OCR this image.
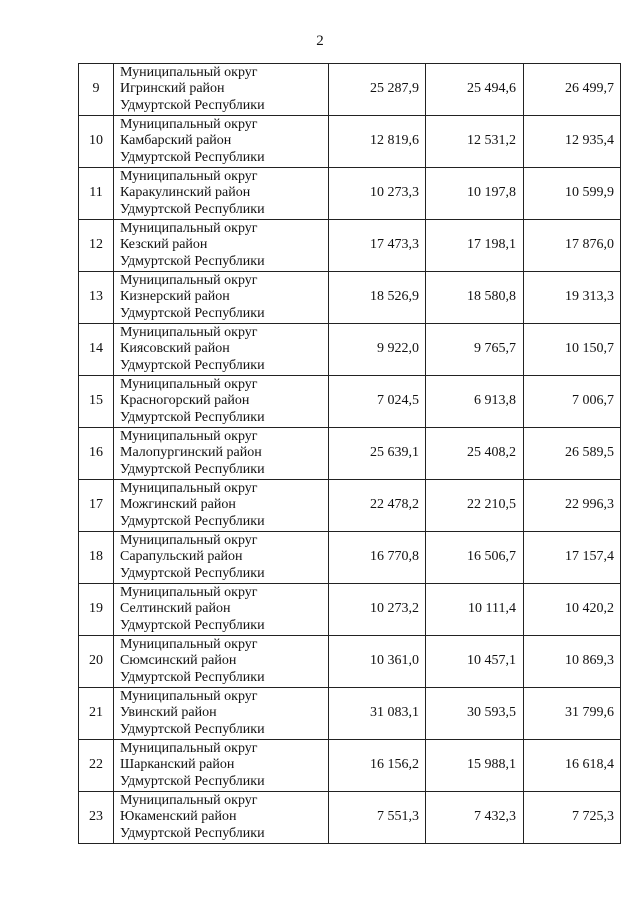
2
9	Муниципальный округ
Игринский район
Удмуртской Республики	25 287,9	25 494,6	26 499,7
10	Муниципальный округ
Камбарский район
Удмуртской Республики	12 819,6	12 531,2	12 935,4
11	Муниципальный округ
Каракулинский район
Удмуртской Республики	10 273,3	10 197,8	10 599,9
12	Муниципальный округ
Кезский район
Удмуртской Республики	17 473,3	17 198,1	17 876,0
13	Муниципальный округ
Кизнерский район
Удмуртской Республики	18 526,9	18 580,8	19 313,3
14	Муниципальный округ
Киясовский район
Удмуртской Республики	9 922,0	9 765,7	10 150,7
15	Муниципальный округ
Красногорский район
Удмуртской Республики	7 024,5	6 913,8	7 006,7
16	Муниципальный округ
Малопургинский район
Удмуртской Республики	25 639,1	25 408,2	26 589,5
17	Муниципальный округ
Можгинский район
Удмуртской Республики	22 478,2	22 210,5	22 996,3
18	Муниципальный округ
Сарапульский район
Удмуртской Республики	16 770,8	16 506,7	17 157,4
19	Муниципальный округ
Селтинский район
Удмуртской Республики	10 273,2	10 111,4	10 420,2
20	Муниципальный округ
Сюмсинский район
Удмуртской Республики	10 361,0	10 457,1	10 869,3
21	Муниципальный округ
Увинский район
Удмуртской Республики	31 083,1	30 593,5	31 799,6
22	Муниципальный округ
Шарканский район
Удмуртской Республики	16 156,2	15 988,1	16 618,4
23	Муниципальный округ
Юкаменский район
Удмуртской Республики	7 551,3	7 432,3	7 725,3
